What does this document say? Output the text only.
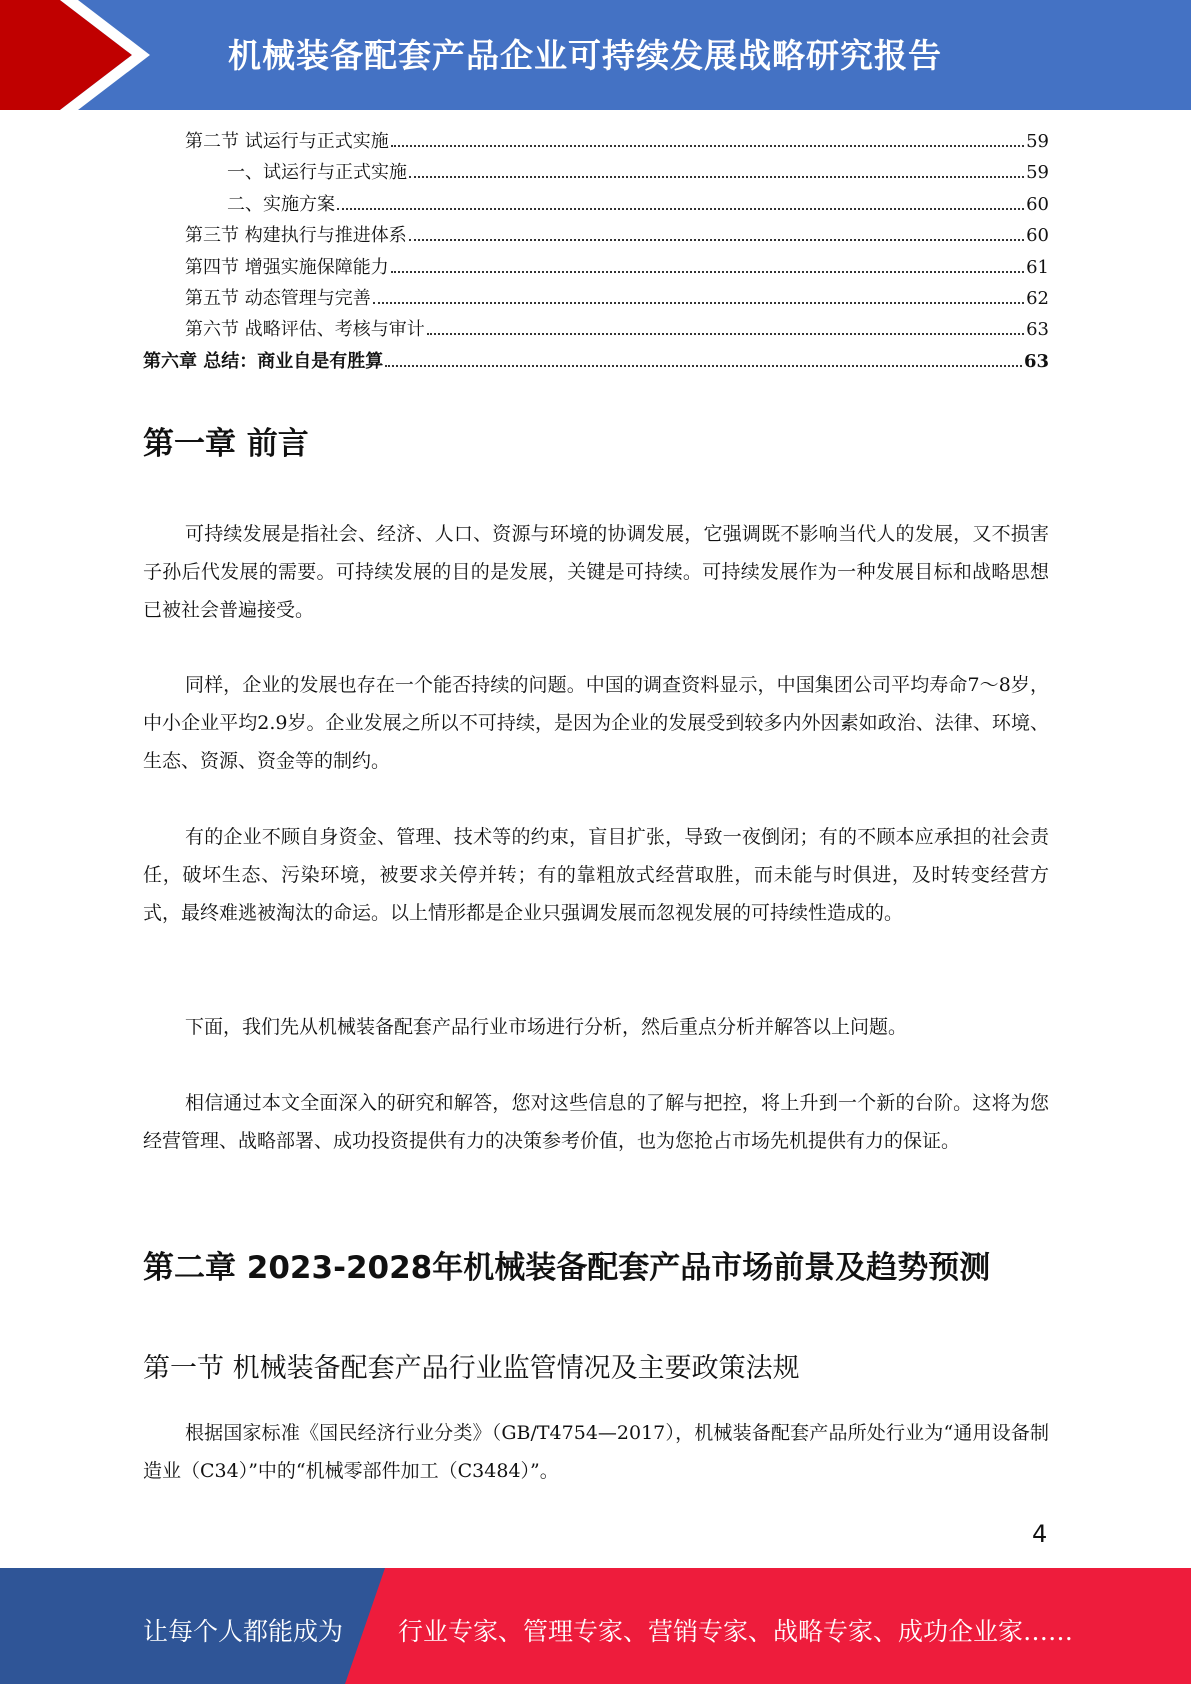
机械装备配套产品企业可持续发展战略研究报告
第二节 试运行与正式实施	59
一、试运行与正式实施	59
二、实施方案	60
第三节 构建执行与推进体系	60
第四节 增强实施保障能力	61
第五节 动态管理与完善	62
第六节 战略评估、考核与审计	63
第六章 总结：商业自是有胜算	63
第一章 前言

可持续发展是指社会、经济、人口、资源与环境的协调发展，它强调既不影响当代人的发展，又不损害子孙后代发展的需要。可持续发展的目的是发展，关键是可持续。可持续发展作为一种发展目标和战略思想已被社会普遍接受。

同样，企业的发展也存在一个能否持续的问题。中国的调查资料显示，中国集团公司平均寿命7～8岁，中小企业平均2.9岁。企业发展之所以不可持续，是因为企业的发展受到较多内外因素如政治、法律、环境、生态、资源、资金等的制约。

有的企业不顾自身资金、管理、技术等的约束，盲目扩张，导致一夜倒闭；有的不顾本应承担的社会责任，破坏生态、污染环境，被要求关停并转；有的靠粗放式经营取胜，而未能与时俱进，及时转变经营方式，最终难逃被淘汰的命运。以上情形都是企业只强调发展而忽视发展的可持续性造成的。

下面，我们先从机械装备配套产品行业市场进行分析，然后重点分析并解答以上问题。

相信通过本文全面深入的研究和解答，您对这些信息的了解与把控，将上升到一个新的台阶。这将为您经营管理、战略部署、成功投资提供有力的决策参考价值，也为您抢占市场先机提供有力的保证。

第二章 2023-2028年机械装备配套产品市场前景及趋势预测
第一节 机械装备配套产品行业监管情况及主要政策法规

根据国家标准《国民经济行业分类》（GB/T4754—2017），机械装备配套产品所处行业为“通用设备制造业（C34）”中的“机械零部件加工（C3484）”。

4
让每个人都能成为 行业专家、管理专家、营销专家、战略专家、成功企业家……
